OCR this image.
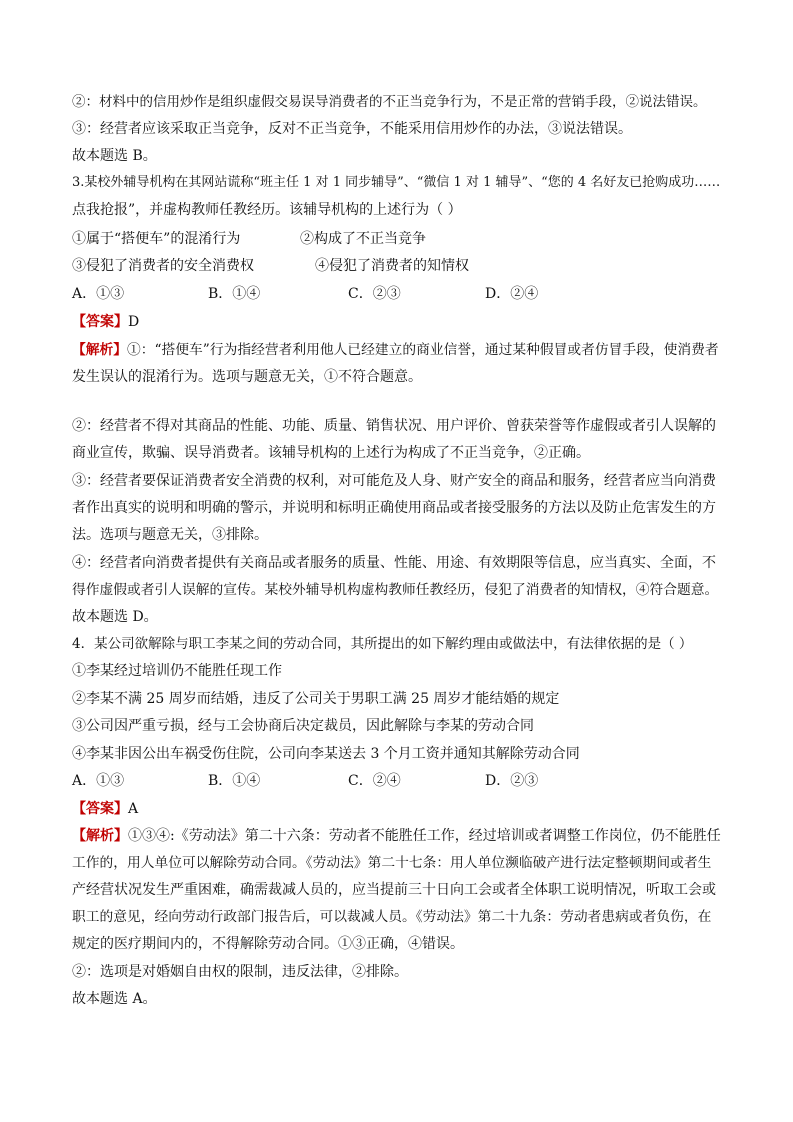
②：材料中的信用炒作是组织虚假交易误导消费者的不正当竞争行为，不是正常的营销手段，②说法错误。
③：经营者应该采取正当竞争，反对不正当竞争，不能采用信用炒作的办法，③说法错误。
故本题选 B。
3.某校外辅导机构在其网站谎称“班主任 1 对 1 同步辅导”、“微信 1 对 1 辅导”、“您的 4 名好友已抢购成功……
点我抢报”，并虚构教师任教经历。该辅导机构的上述行为（ ）
①属于“搭便车”的混淆行为	②构成了不正当竞争
③侵犯了消费者的安全消费权	④侵犯了消费者的知情权
A．①③	B．①④	C．②③	D．②④
【答案】D
【解析】①：“搭便车”行为指经营者利用他人已经建立的商业信誉，通过某种假冒或者仿冒手段，使消费者
发生误认的混淆行为。选项与题意无关，①不符合题意。
②：经营者不得对其商品的性能、功能、质量、销售状况、用户评价、曾获荣誉等作虚假或者引人误解的
商业宣传，欺骗、误导消费者。该辅导机构的上述行为构成了不正当竞争，②正确。
③：经营者要保证消费者安全消费的权利，对可能危及人身、财产安全的商品和服务，经营者应当向消费
者作出真实的说明和明确的警示，并说明和标明正确使用商品或者接受服务的方法以及防止危害发生的方
法。选项与题意无关，③排除。
④：经营者向消费者提供有关商品或者服务的质量、性能、用途、有效期限等信息，应当真实、全面，不
得作虚假或者引人误解的宣传。某校外辅导机构虚构教师任教经历，侵犯了消费者的知情权，④符合题意。
故本题选 D。
4．某公司欲解除与职工李某之间的劳动合同，其所提出的如下解约理由或做法中，有法律依据的是（ ）
①李某经过培训仍不能胜任现工作
②李某不满 25 周岁而结婚，违反了公司关于男职工满 25 周岁才能结婚的规定
③公司因严重亏损，经与工会协商后决定裁员，因此解除与李某的劳动合同
④李某非因公出车祸受伤住院，公司向李某送去 3 个月工资并通知其解除劳动合同
A．①③	B．①④	C．②④	D．②③
【答案】A
【解析】①③④:《劳动法》第二十六条：劳动者不能胜任工作，经过培训或者调整工作岗位，仍不能胜任
工作的，用人单位可以解除劳动合同。《劳动法》第二十七条：用人单位濒临破产进行法定整顿期间或者生
产经营状况发生严重困难，确需裁减人员的，应当提前三十日向工会或者全体职工说明情况，听取工会或
职工的意见，经向劳动行政部门报告后，可以裁减人员。《劳动法》第二十九条：劳动者患病或者负伤，在
规定的医疗期间内的，不得解除劳动合同。①③正确，④错误。
②：选项是对婚姻自由权的限制，违反法律，②排除。
故本题选 A。
